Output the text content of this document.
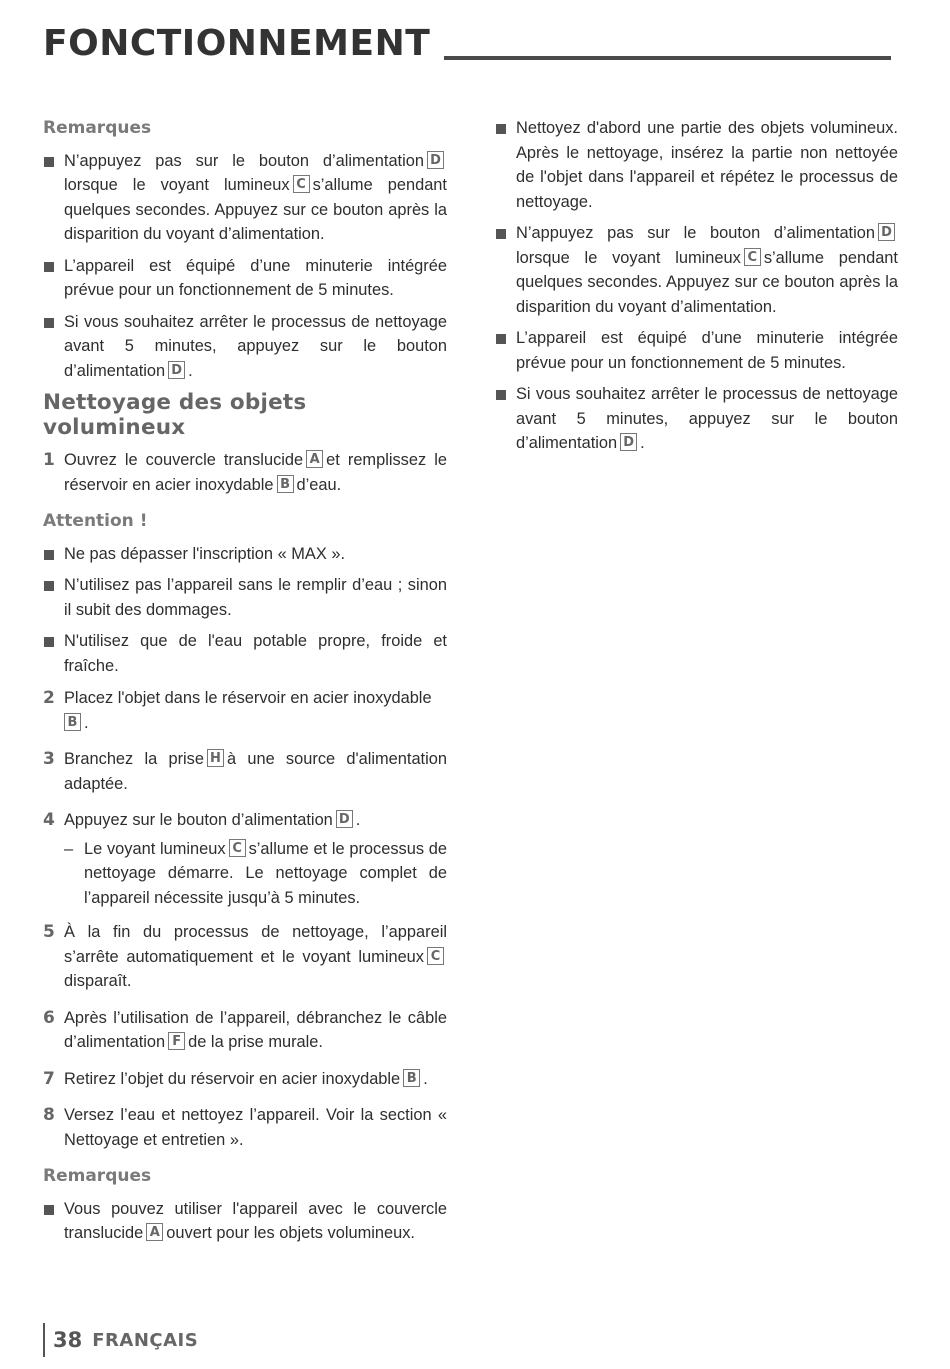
FONCTIONNEMENT
Remarques
N’appuyez pas sur le bouton d’alimentation Dlorsque le voyant lumineux C s’allume pendant quelques secondes. Appuyez sur ce bouton après la disparition du voyant d’alimentation.
L’appareil est équipé d’une minuterie intégrée prévue pour un fonctionnement de 5 minutes.
Si vous souhaitez arrêter le processus de nettoyage avant 5 minutes, appuyez sur le bouton d’alimentation D .
Nettoyage des objets volumineux
1 Ouvrez le couvercle translucide A et remplissez le réservoir en acier inoxydable B d’eau.
Attention !
Ne pas dépasser l'inscription « MAX ».
N’utilisez pas l’appareil sans le remplir d’eau ; sinon il subit des dommages.
N'utilisez que de l'eau potable propre, froide et fraîche.
2 Placez l'objet dans le réservoir en acier inoxydable
B .
3 Branchez la prise H à une source d'alimentation adaptée.
4 Appuyez sur le bouton d’alimentation D .
– Le voyant lumineux C s’allume et le processus de nettoyage démarre. Le nettoyage complet de l’appareil nécessite jusqu’à 5 minutes.
5 À la fin du processus de nettoyage, l’appareil s’arrête automatiquement et le voyant lumineux Cdisparaît.
6 Après l’utilisation de l’appareil, débranchez le câble d’alimentation F de la prise murale.
7 Retirez l’objet du réservoir en acier inoxydable B .
8 Versez l’eau et nettoyez l’appareil. Voir la section « Nettoyage et entretien ».
Remarques
Vous pouvez utiliser l'appareil avec le couvercle translucide A ouvert pour les objets volumineux.
Nettoyez d'abord une partie des objets volumineux. Après le nettoyage, insérez la partie non nettoyée de l'objet dans l'appareil et répétez le processus de nettoyage.
N’appuyez pas sur le bouton d’alimentation Dlorsque le voyant lumineux C s’allume pendant quelques secondes. Appuyez sur ce bouton après la disparition du voyant d’alimentation.
L’appareil est équipé d’une minuterie intégrée prévue pour un fonctionnement de 5 minutes.
Si vous souhaitez arrêter le processus de nettoyage avant 5 minutes, appuyez sur le bouton d’alimentation D .
38 FRANÇAIS
